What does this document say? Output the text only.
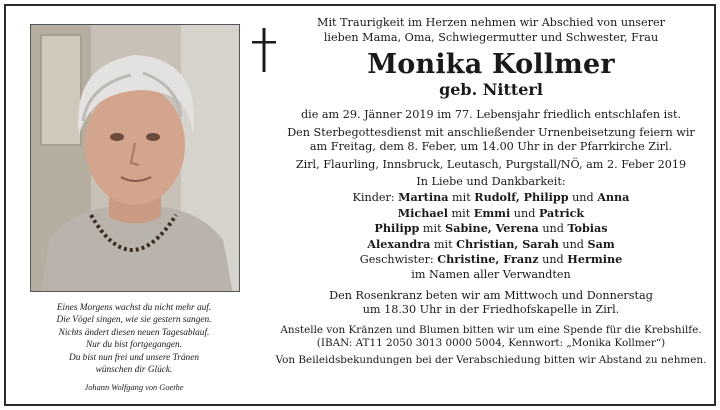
Eines Morgens wachst du nicht mehr auf.
Die Vögel singen, wie sie gestern sangen.
Nichts ändert diesen neuen Tagesablauf.
Nur du bist fortgegangen.
Du bist nun frei und unsere Tränen
wünschen dir Glück.
Johann Wolfgang von Goethe
Mit Traurigkeit im Herzen nehmen wir Abschied von unserer
lieben Mama, Oma, Schwiegermutter und Schwester, Frau
Monika Kollmer
geb. Nitterl
die am 29. Jänner 2019 im 77. Lebensjahr friedlich entschlafen ist.
Den Sterbegottesdienst mit anschließender Urnenbeisetzung feiern wir
am Freitag, dem 8. Feber, um 14.00 Uhr in der Pfarrkirche Zirl.
Zirl, Flaurling, Innsbruck, Leutasch, Purgstall/NÖ, am 2. Feber 2019
In Liebe und Dankbarkeit:
Kinder: Martina mit Rudolf, Philipp und Anna
Michael mit Emmi und Patrick
Philipp mit Sabine, Verena und Tobias
Alexandra mit Christian, Sarah und Sam
Geschwister: Christine, Franz und Hermine
im Namen aller Verwandten
Den Rosenkranz beten wir am Mittwoch und Donnerstag
um 18.30 Uhr in der Friedhofskapelle in Zirl.
Anstelle von Kränzen und Blumen bitten wir um eine Spende für die Krebshilfe.
(IBAN: AT11 2050 3013 0000 5004, Kennwort: „Monika Kollmer“)
Von Beileidsbekundungen bei der Verabschiedung bitten wir Abstand zu nehmen.
